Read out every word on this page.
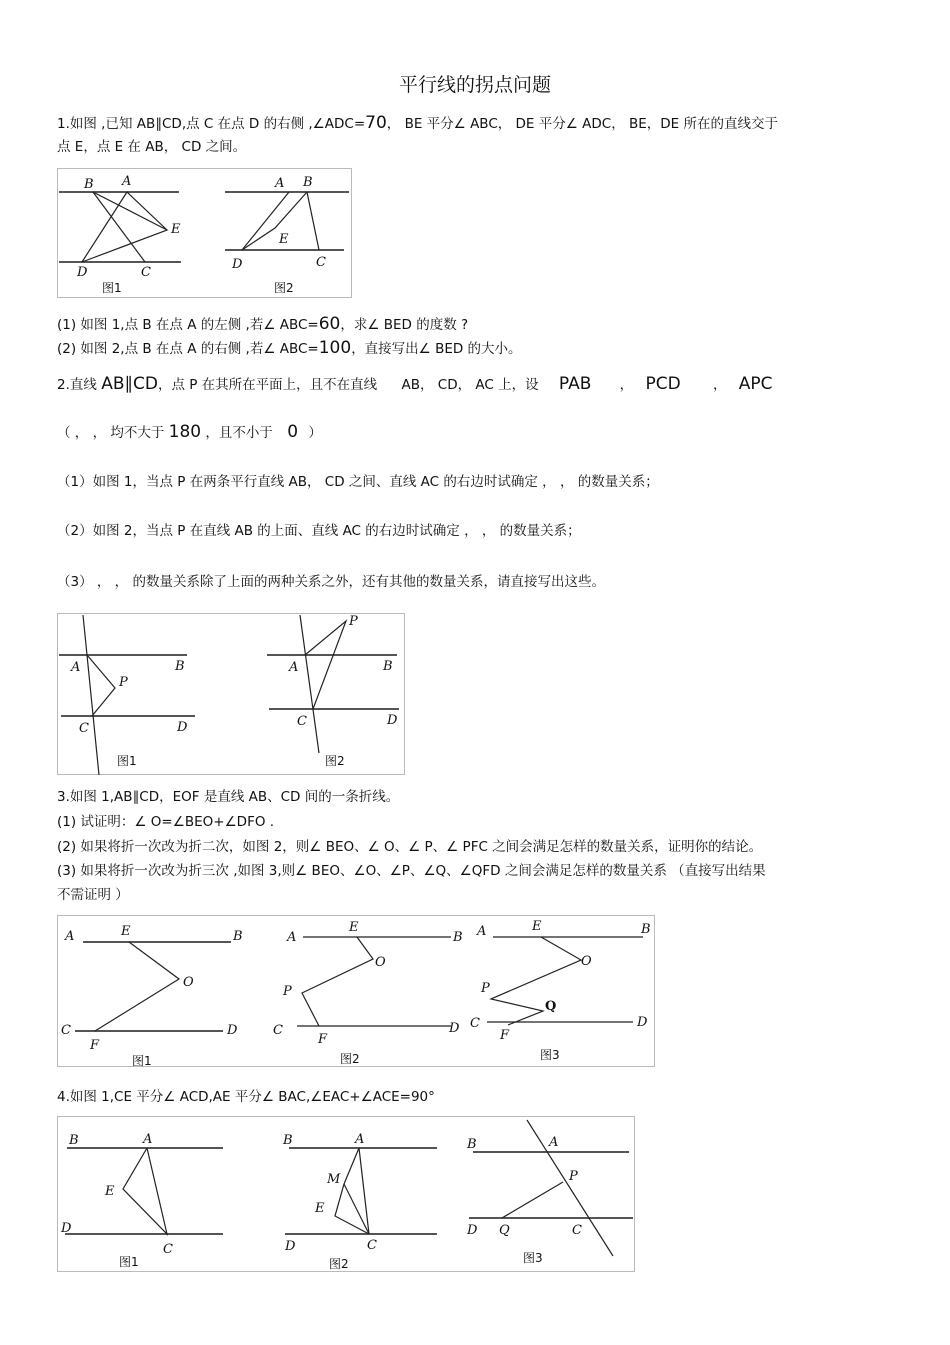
平行线的拐点问题
1.如图 ,已知 AB∥CD,点 C 在点 D 的右侧 ,∠ADC=70， BE 平分∠ ABC， DE 平分∠ ADC， BE，DE 所在的直线交于
点 E，点 E 在 AB， CD 之间。
B A
E
D	C
图1
A B
E
D	C
图2
(1) 如图 1,点 B 在点 A 的左侧 ,若∠ ABC=60，求∠ BED 的度数 ?
(2) 如图 2,点 B 在点 A 的右侧 ,若∠ ABC=100，直接写出∠ BED 的大小。
2.直线 AB∥CD，点 P 在其所在平面上，且不在直线 AB， CD， AC 上，设 PAB ， PCD ， APC
（ ， ， 均不大于 180 ，且不小于 0 ）
（1）如图 1，当点 P 在两条平行直线 AB， CD 之间、直线 AC 的右边时试确定 ， ， 的数量关系；
（2）如图 2，当点 P 在直线 AB 的上面、直线 AC 的右边时试确定 ， ， 的数量关系；
（3） ， ， 的数量关系除了上面的两种关系之外，还有其他的数量关系，请直接写出这些。
A	B
P
C	D
图1
P
A	B
C	D
图2
3.如图 1,AB∥CD，EOF 是直线 AB、CD 间的一条折线。
(1) 试证明：∠ O=∠BEO+∠DFO .
(2) 如果将折一次改为折二次，如图 2，则∠ BEO、∠ O、∠ P、∠ PFC 之间会满足怎样的数量关系，证明你的结论。
(3) 如果将折一次改为折三次 ,如图 3,则∠ BEO、∠O、∠P、∠Q、∠QFD 之间会满足怎样的数量关系 （直接写出结果
不需证明 ）
A	E	B
O
C
F
D
图1
A
E
B
O
P
C
F
D
图2
A	E	B
O
P
Q
C
F
D
图3
4.如图 1,CE 平分∠ ACD,AE 平分∠ BAC,∠EAC+∠ACE=90°
B	A
E
D
C
图1
B	A
M
E
D	C
图2
B	A
P
D Q	C
图3
